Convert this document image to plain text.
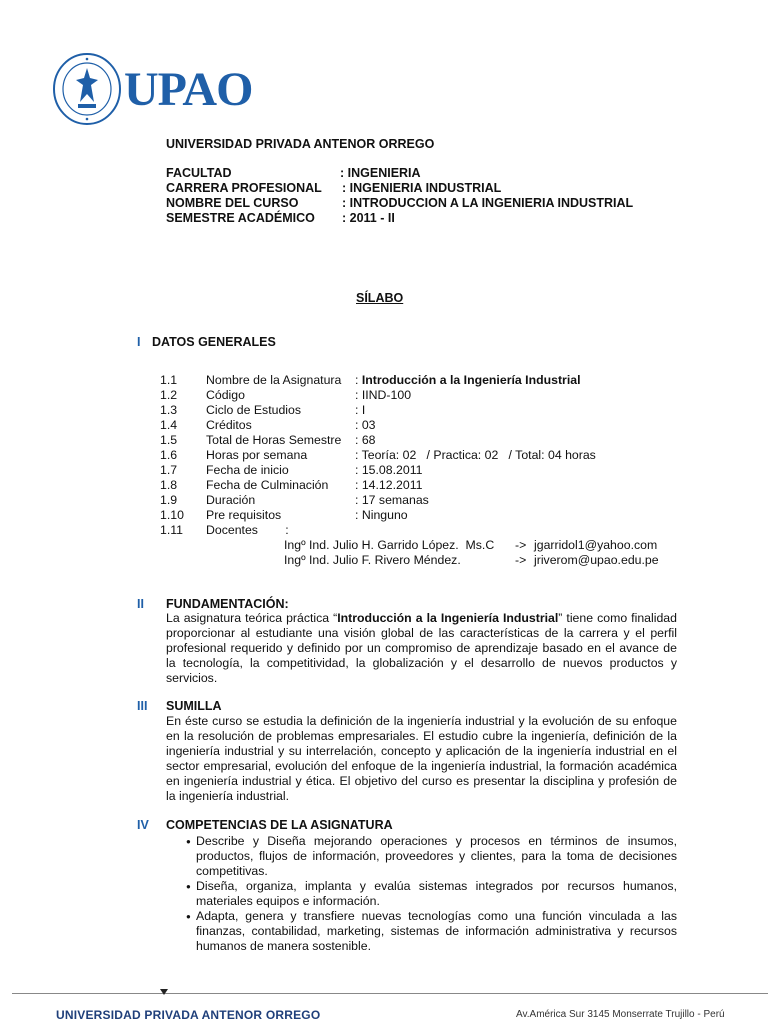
UPAO
UNIVERSIDAD PRIVADA ANTENOR ORREGO
FACULTAD	: INGENIERIA
CARRERA PROFESIONAL : INGENIERIA INDUSTRIAL
NOMBRE DEL CURSO	: INTRODUCCION A LA INGENIERIA INDUSTRIAL
SEMESTRE ACADÉMICO : 2011 - II
SÍLABO
I DATOS GENERALES
1.1 Nombre de la Asignatura : Introducción a la Ingeniería Industrial
1.2 Código	: IIND-100
1.3 Ciclo de Estudios	: I
1.4 Créditos	: 03
1.5 Total de Horas Semestre : 68
1.6 Horas por semana	: Teoría: 02   / Practica: 02   / Total: 04 horas
1.7 Fecha de inicio	: 15.08.2011
1.8 Fecha de Culminación : 14.12.2011
1.9 Duración	: 17 semanas
1.10 Pre requisitos	: Ninguno
1.11 Docentes        :
Ingº Ind. Julio H. Garrido López.  Ms.C -> jgarridol1@yahoo.com
Ingº Ind. Julio F. Rivero Méndez.	-> jriverom@upao.edu.pe
II FUNDAMENTACIÓN:
La asignatura teórica práctica “Introducción a la Ingeniería Industrial” tiene como finalidad proporcionar al estudiante una visión global de las características de la carrera y el perfil profesional requerido y definido por un compromiso de aprendizaje basado en el avance de la tecnología, la competitividad, la globalización y el desarrollo de nuevos productos y servicios.
III SUMILLA
En éste curso se estudia la definición de la ingeniería industrial y la evolución de su enfoque en la resolución de problemas empresariales. El estudio cubre la ingeniería, definición de la ingeniería industrial y su interrelación, concepto y aplicación de la ingeniería industrial en el sector empresarial, evolución del enfoque de la ingeniería industrial, la formación académica en ingeniería industrial y ética. El objetivo del curso es presentar la disciplina y profesión de la ingeniería industrial.
IV COMPETENCIAS DE LA ASIGNATURA
● Describe y Diseña mejorando operaciones y procesos en términos de insumos, productos, flujos de información, proveedores y clientes, para la toma de decisiones competitivas.
● Diseña, organiza, implanta y evalúa sistemas integrados por recursos humanos, materiales equipos e información.
● Adapta, genera y transfiere nuevas tecnologías como una función vinculada a las finanzas, contabilidad, marketing, sistemas de información administrativa y recursos humanos de manera sostenible.
UNIVERSIDAD PRIVADA ANTENOR ORREGO	Av.América Sur 3145 Monserrate Trujillo - Perú
